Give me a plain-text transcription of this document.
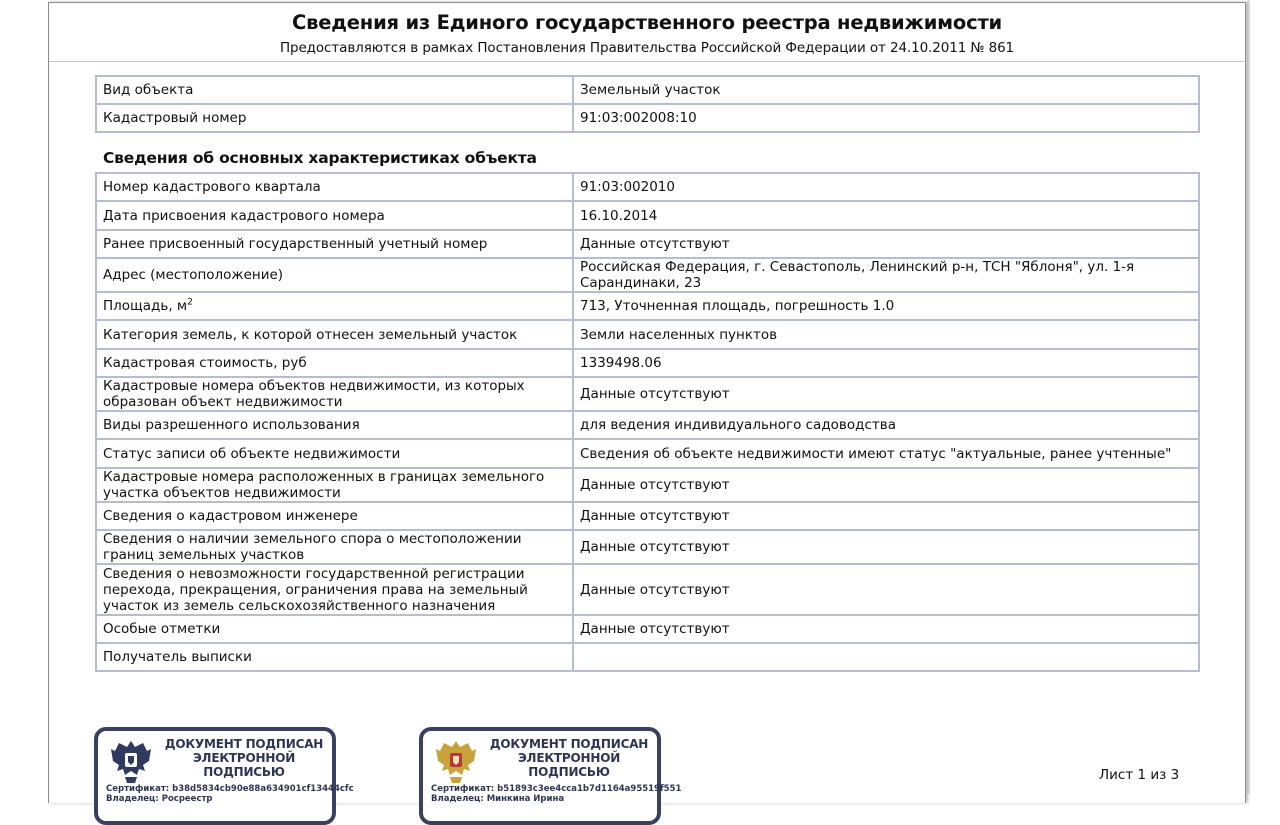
Сведения из Единого государственного реестра недвижимости
Предоставляются в рамках Постановления Правительства Российской Федерации от 24.10.2011 № 861
Вид объекта	Земельный участок
Кадастровый номер	91:03:002008:10
Сведения об основных характеристиках объекта
Номер кадастрового квартала	91:03:002010
Дата присвоения кадастрового номера	16.10.2014
Ранее присвоенный государственный учетный номер	Данные отсутствуют
Адрес (местоположение)	Российская Федерация, г. Севастополь, Ленинский р-н, ТСН "Яблоня", ул. 1-я Сарандинаки, 23
Площадь, $м^2$	713, Уточненная площадь, погрешность 1.0
Категория земель, к которой отнесен земельный участок	Земли населенных пунктов
Кадастровая стоимость, руб	1339498.06
Кадастровые номера объектов недвижимости, из которых образован объект недвижимости	Данные отсутствуют
Виды разрешенного использования	для ведения индивидуального садоводства
Статус записи об объекте недвижимости	Сведения об объекте недвижимости имеют статус "актуальные, ранее учтенные"
Кадастровые номера расположенных в границах земельного участка объектов недвижимости	Данные отсутствуют
Сведения о кадастровом инженере	Данные отсутствуют
Сведения о наличии земельного спора о местоположении границ земельных участков	Данные отсутствуют
Сведения о невозможности государственной регистрации перехода, прекращения, ограничения права на земельный участок из земель сельскохозяйственного назначения	Данные отсутствуют
Особые отметки	Данные отсутствуют
Получатель выписки	
ДОКУМЕНТ ПОДПИСАН ЭЛЕКТРОННОЙ ПОДПИСЬЮ
Сертификат: b38d5834cb90e88a634901cf13444cfc
Владелец: Росреестр
ДОКУМЕНТ ПОДПИСАН ЭЛЕКТРОННОЙ ПОДПИСЬЮ
Сертификат: b51893c3ee4cca1b7d1164a95519f551
Владелец: Минкина Ирина
Лист 1 из 3
